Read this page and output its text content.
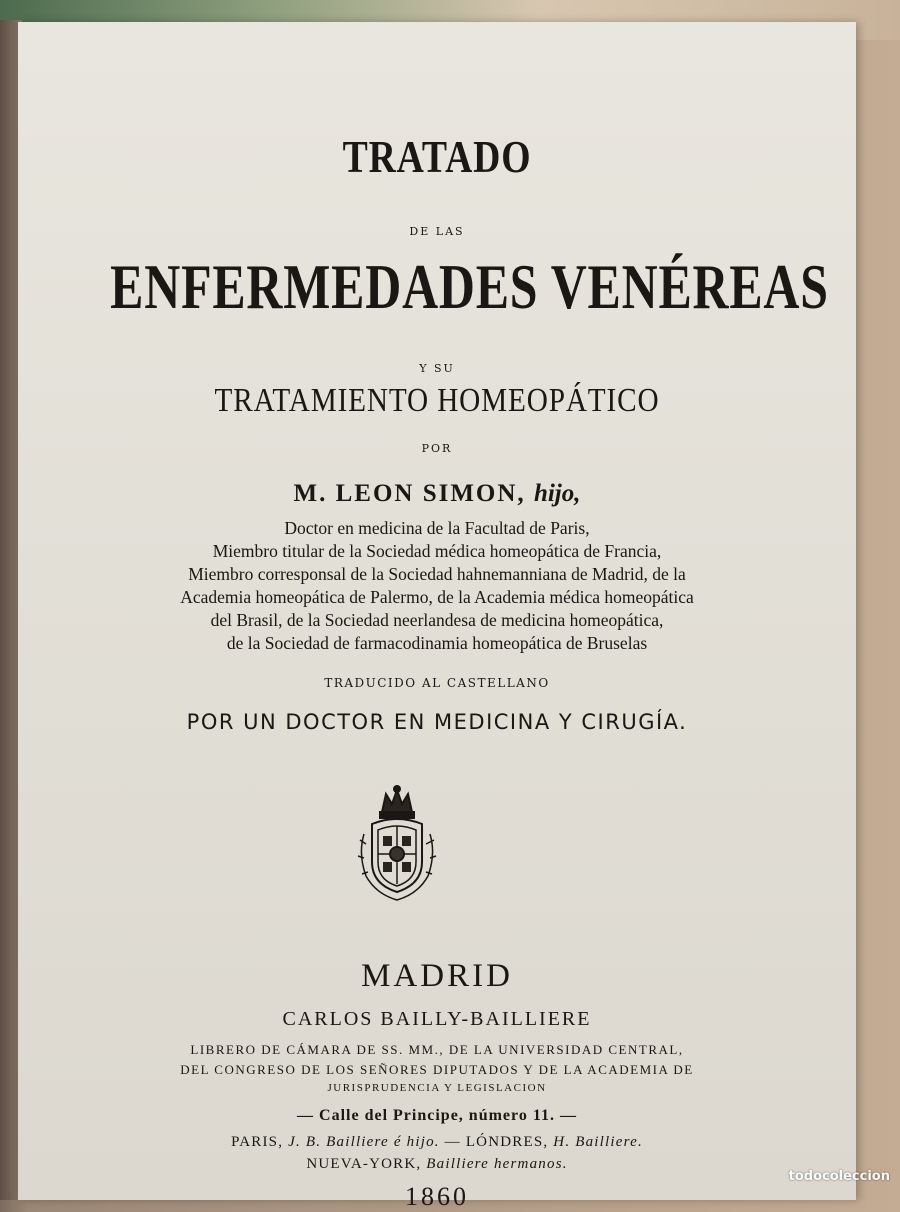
TRATADO
DE LAS
ENFERMEDADES VENÉREAS
Y SU
TRATAMIENTO HOMEOPÁTICO
POR
M. LEON SIMON, hijo,
Doctor en medicina de la Facultad de Paris,
Miembro titular de la Sociedad médica homeopática de Francia,
Miembro corresponsal de la Sociedad hahnemanniana de Madrid, de la
Academia homeopática de Palermo, de la Academia médica homeopática
del Brasil, de la Sociedad neerlandesa de medicina homeopática,
de la Sociedad de farmacodinamia homeopática de Bruselas
TRADUCIDO AL CASTELLANO
POR UN DOCTOR EN MEDICINA Y CIRUGÍA.
MADRID
CARLOS BAILLY-BAILLIERE
LIBRERO DE CÁMARA DE SS. MM., DE LA UNIVERSIDAD CENTRAL,
DEL CONGRESO DE LOS SEÑORES DIPUTADOS Y DE LA ACADEMIA DE
JURISPRUDENCIA Y LEGISLACION
— Calle del Principe, número 11. —
PARIS, J. B. Bailliere é hijo. — LÓNDRES, H. Bailliere.
NUEVA-YORK, Bailliere hermanos.
1860
todocoleccion
